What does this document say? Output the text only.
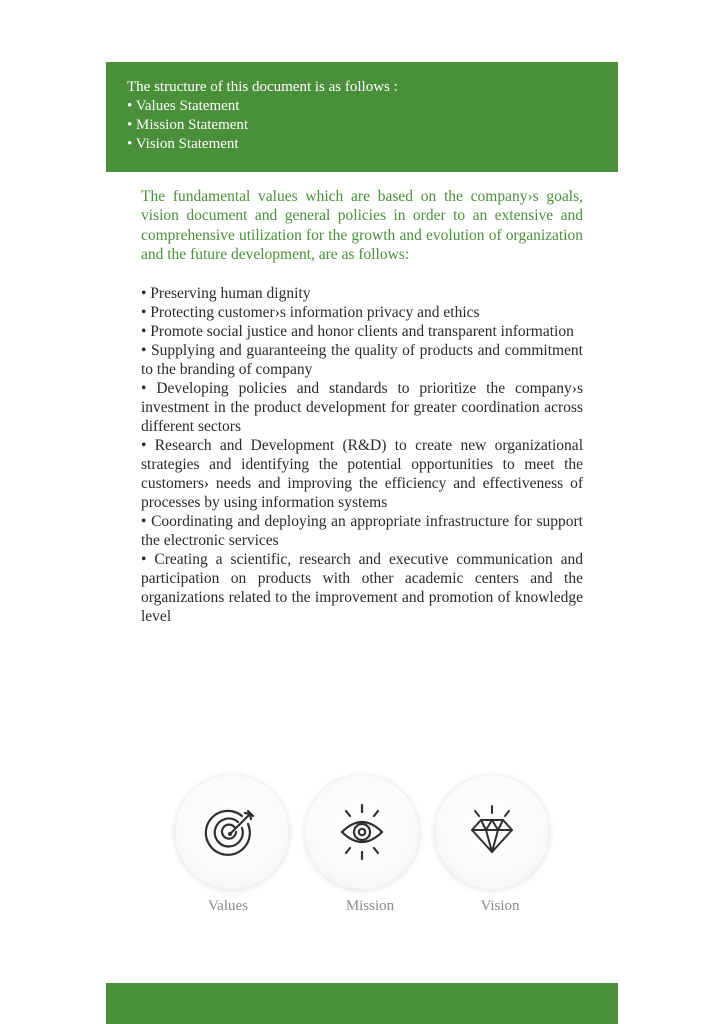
The structure of this document is as follows :
• Values Statement
• Mission Statement
• Vision Statement
The fundamental values which are based on the company›s goals, vision document and general policies in order to an extensive and comprehensive utilization for the growth and evolution of organization and the future development, are as follows:
• Preserving human dignity
• Protecting customer›s information privacy and ethics
• Promote social justice and honor clients and transparent information
• Supplying and guaranteeing the quality of products and commitment to the branding of company
• Developing policies and standards to prioritize the company›s investment in the product development for greater coordination across different sectors
• Research and Development (R&D) to create new organizational strategies and identifying the potential opportunities to meet the customers› needs and improving the efficiency and effectiveness of processes by using information systems
• Coordinating and deploying an appropriate infrastructure for support the electronic services
• Creating a scientific, research and executive communication and participation on products with other academic centers and the organizations related to the improvement and promotion of knowledge level
Values	Mission	Vision
